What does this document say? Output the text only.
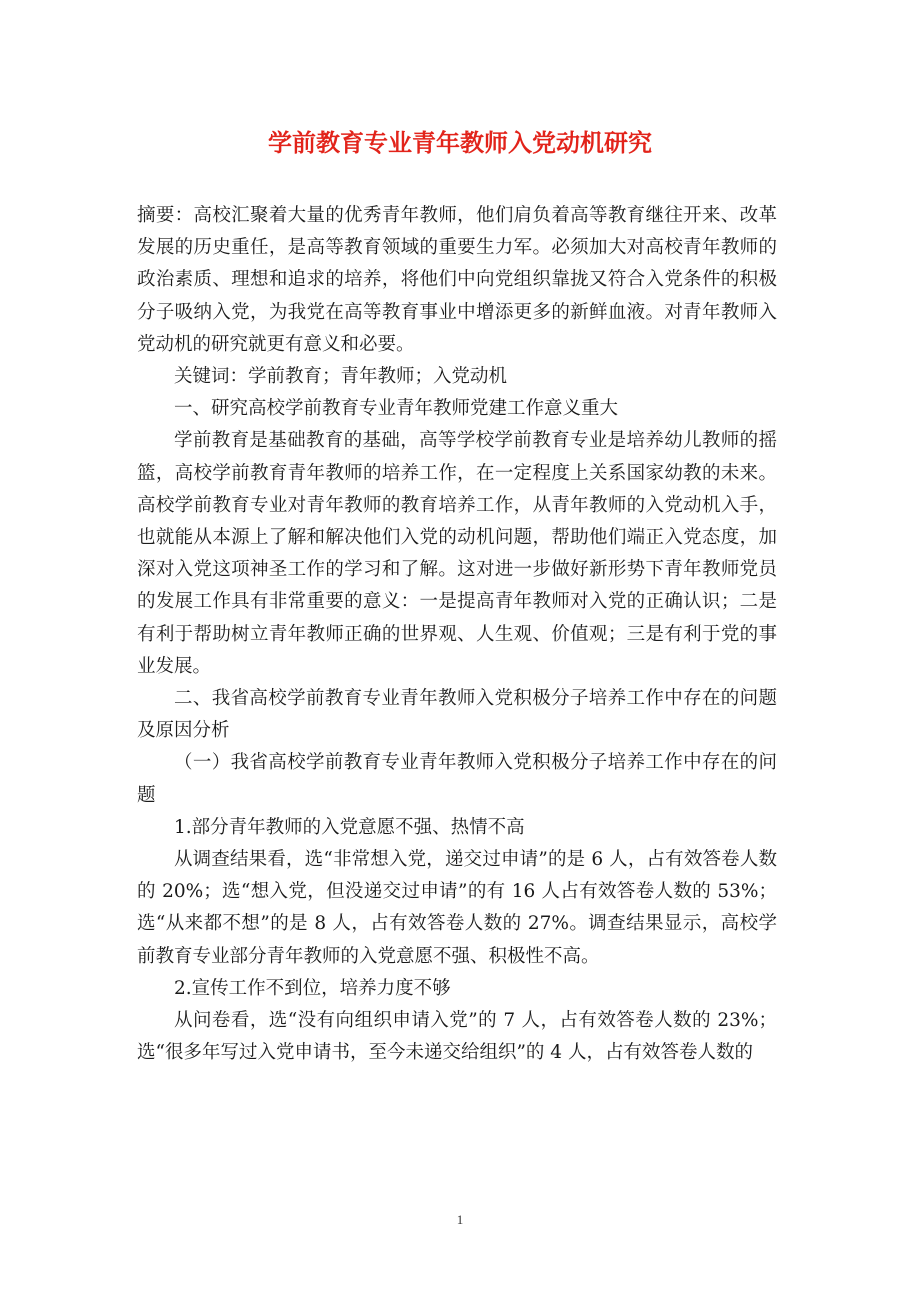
学前教育专业青年教师入党动机研究

摘要：高校汇聚着大量的优秀青年教师，他们肩负着高等教育继往开来、改革发展的历史重任，是高等教育领域的重要生力军。必须加大对高校青年教师的政治素质、理想和追求的培养，将他们中向党组织靠拢又符合入党条件的积极分子吸纳入党，为我党在高等教育事业中增添更多的新鲜血液。对青年教师入党动机的研究就更有意义和必要。

关键词：学前教育；青年教师；入党动机

一、研究高校学前教育专业青年教师党建工作意义重大

学前教育是基础教育的基础，高等学校学前教育专业是培养幼儿教师的摇篮，高校学前教育青年教师的培养工作，在一定程度上关系国家幼教的未来。高校学前教育专业对青年教师的教育培养工作，从青年教师的入党动机入手，也就能从本源上了解和解决他们入党的动机问题，帮助他们端正入党态度，加深对入党这项神圣工作的学习和了解。这对进一步做好新形势下青年教师党员的发展工作具有非常重要的意义：一是提高青年教师对入党的正确认识；二是有利于帮助树立青年教师正确的世界观、人生观、价值观；三是有利于党的事业发展。

二、我省高校学前教育专业青年教师入党积极分子培养工作中存在的问题及原因分析

（一）我省高校学前教育专业青年教师入党积极分子培养工作中存在的问题

1.部分青年教师的入党意愿不强、热情不高

从调查结果看，选“非常想入党，递交过申请”的是 6 人，占有效答卷人数的 20%；选“想入党，但没递交过申请”的有 16 人占有效答卷人数的 53%；选“从来都不想”的是 8 人，占有效答卷人数的 27%。调查结果显示，高校学前教育专业部分青年教师的入党意愿不强、积极性不高。

2.宣传工作不到位，培养力度不够

从问卷看，选“没有向组织申请入党”的 7 人，占有效答卷人数的 23%；选“很多年写过入党申请书，至今未递交给组织”的 4 人，占有效答卷人数的

1
